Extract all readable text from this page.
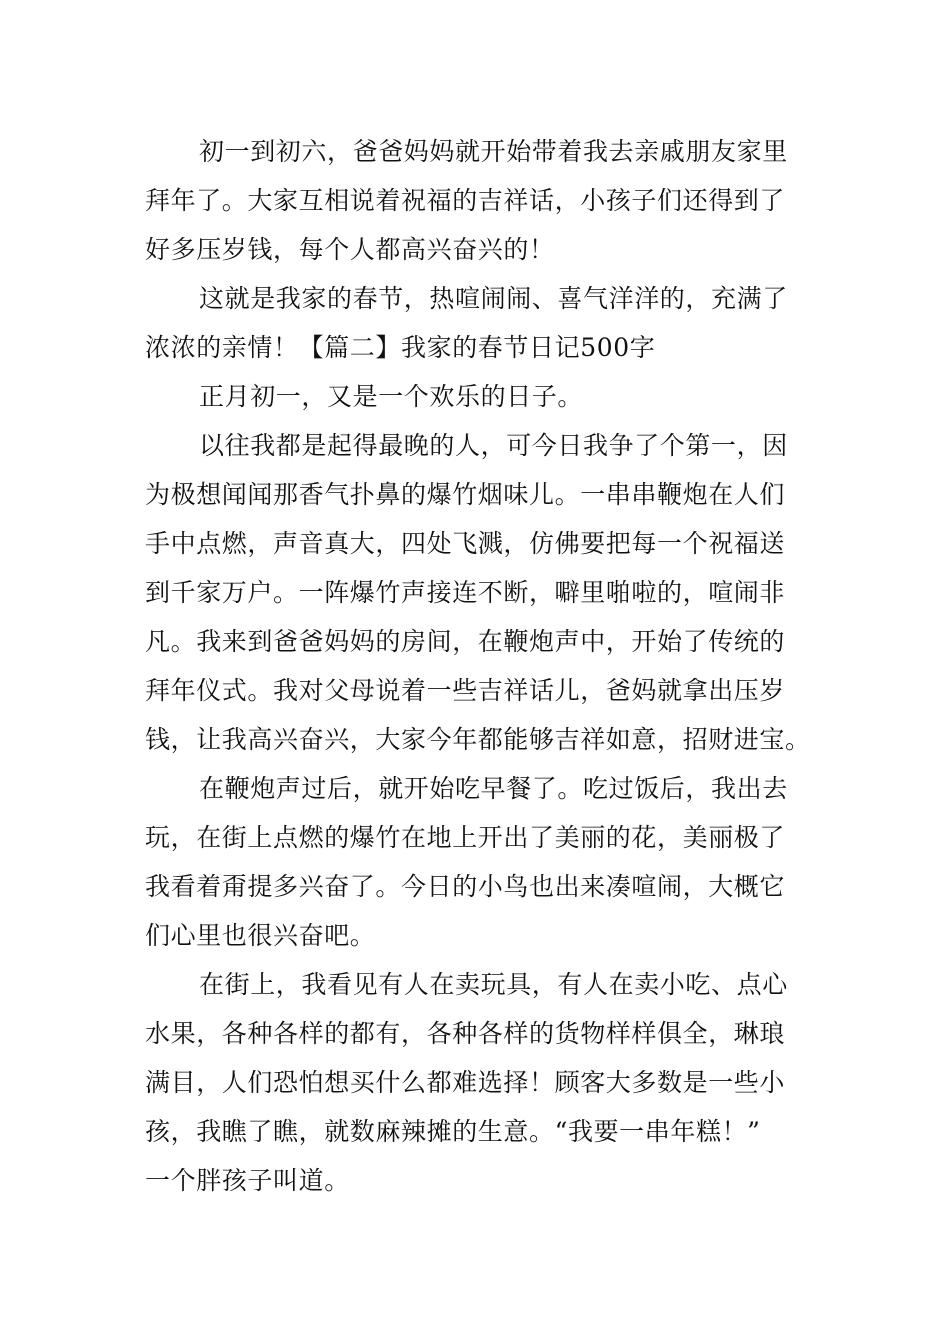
初一到初六，爸爸妈妈就开始带着我去亲戚朋友家里
拜年了。大家互相说着祝福的吉祥话，小孩子们还得到了
好多压岁钱，每个人都高兴奋兴的！
这就是我家的春节，热喧闹闹、喜气洋洋的，充满了
浓浓的亲情！【篇二】我家的春节日记500字
正月初一，又是一个欢乐的日子。
以往我都是起得最晚的人，可今日我争了个第一，因
为极想闻闻那香气扑鼻的爆竹烟味儿。一串串鞭炮在人们
手中点燃，声音真大，四处飞溅，仿佛要把每一个祝福送
到千家万户。一阵爆竹声接连不断，噼里啪啦的，喧闹非
凡。我来到爸爸妈妈的房间，在鞭炮声中，开始了传统的
拜年仪式。我对父母说着一些吉祥话儿，爸妈就拿出压岁
钱，让我高兴奋兴，大家今年都能够吉祥如意，招财进宝。
在鞭炮声过后，就开始吃早餐了。吃过饭后，我出去
玩，在街上点燃的爆竹在地上开出了美丽的花，美丽极了
我看着甭提多兴奋了。今日的小鸟也出来凑喧闹，大概它
们心里也很兴奋吧。
在街上，我看见有人在卖玩具，有人在卖小吃、点心
水果，各种各样的都有，各种各样的货物样样俱全，琳琅
满目，人们恐怕想买什么都难选择！顾客大多数是一些小
孩，我瞧了瞧，就数麻辣摊的生意。“我要一串年糕！”
一个胖孩子叫道。
